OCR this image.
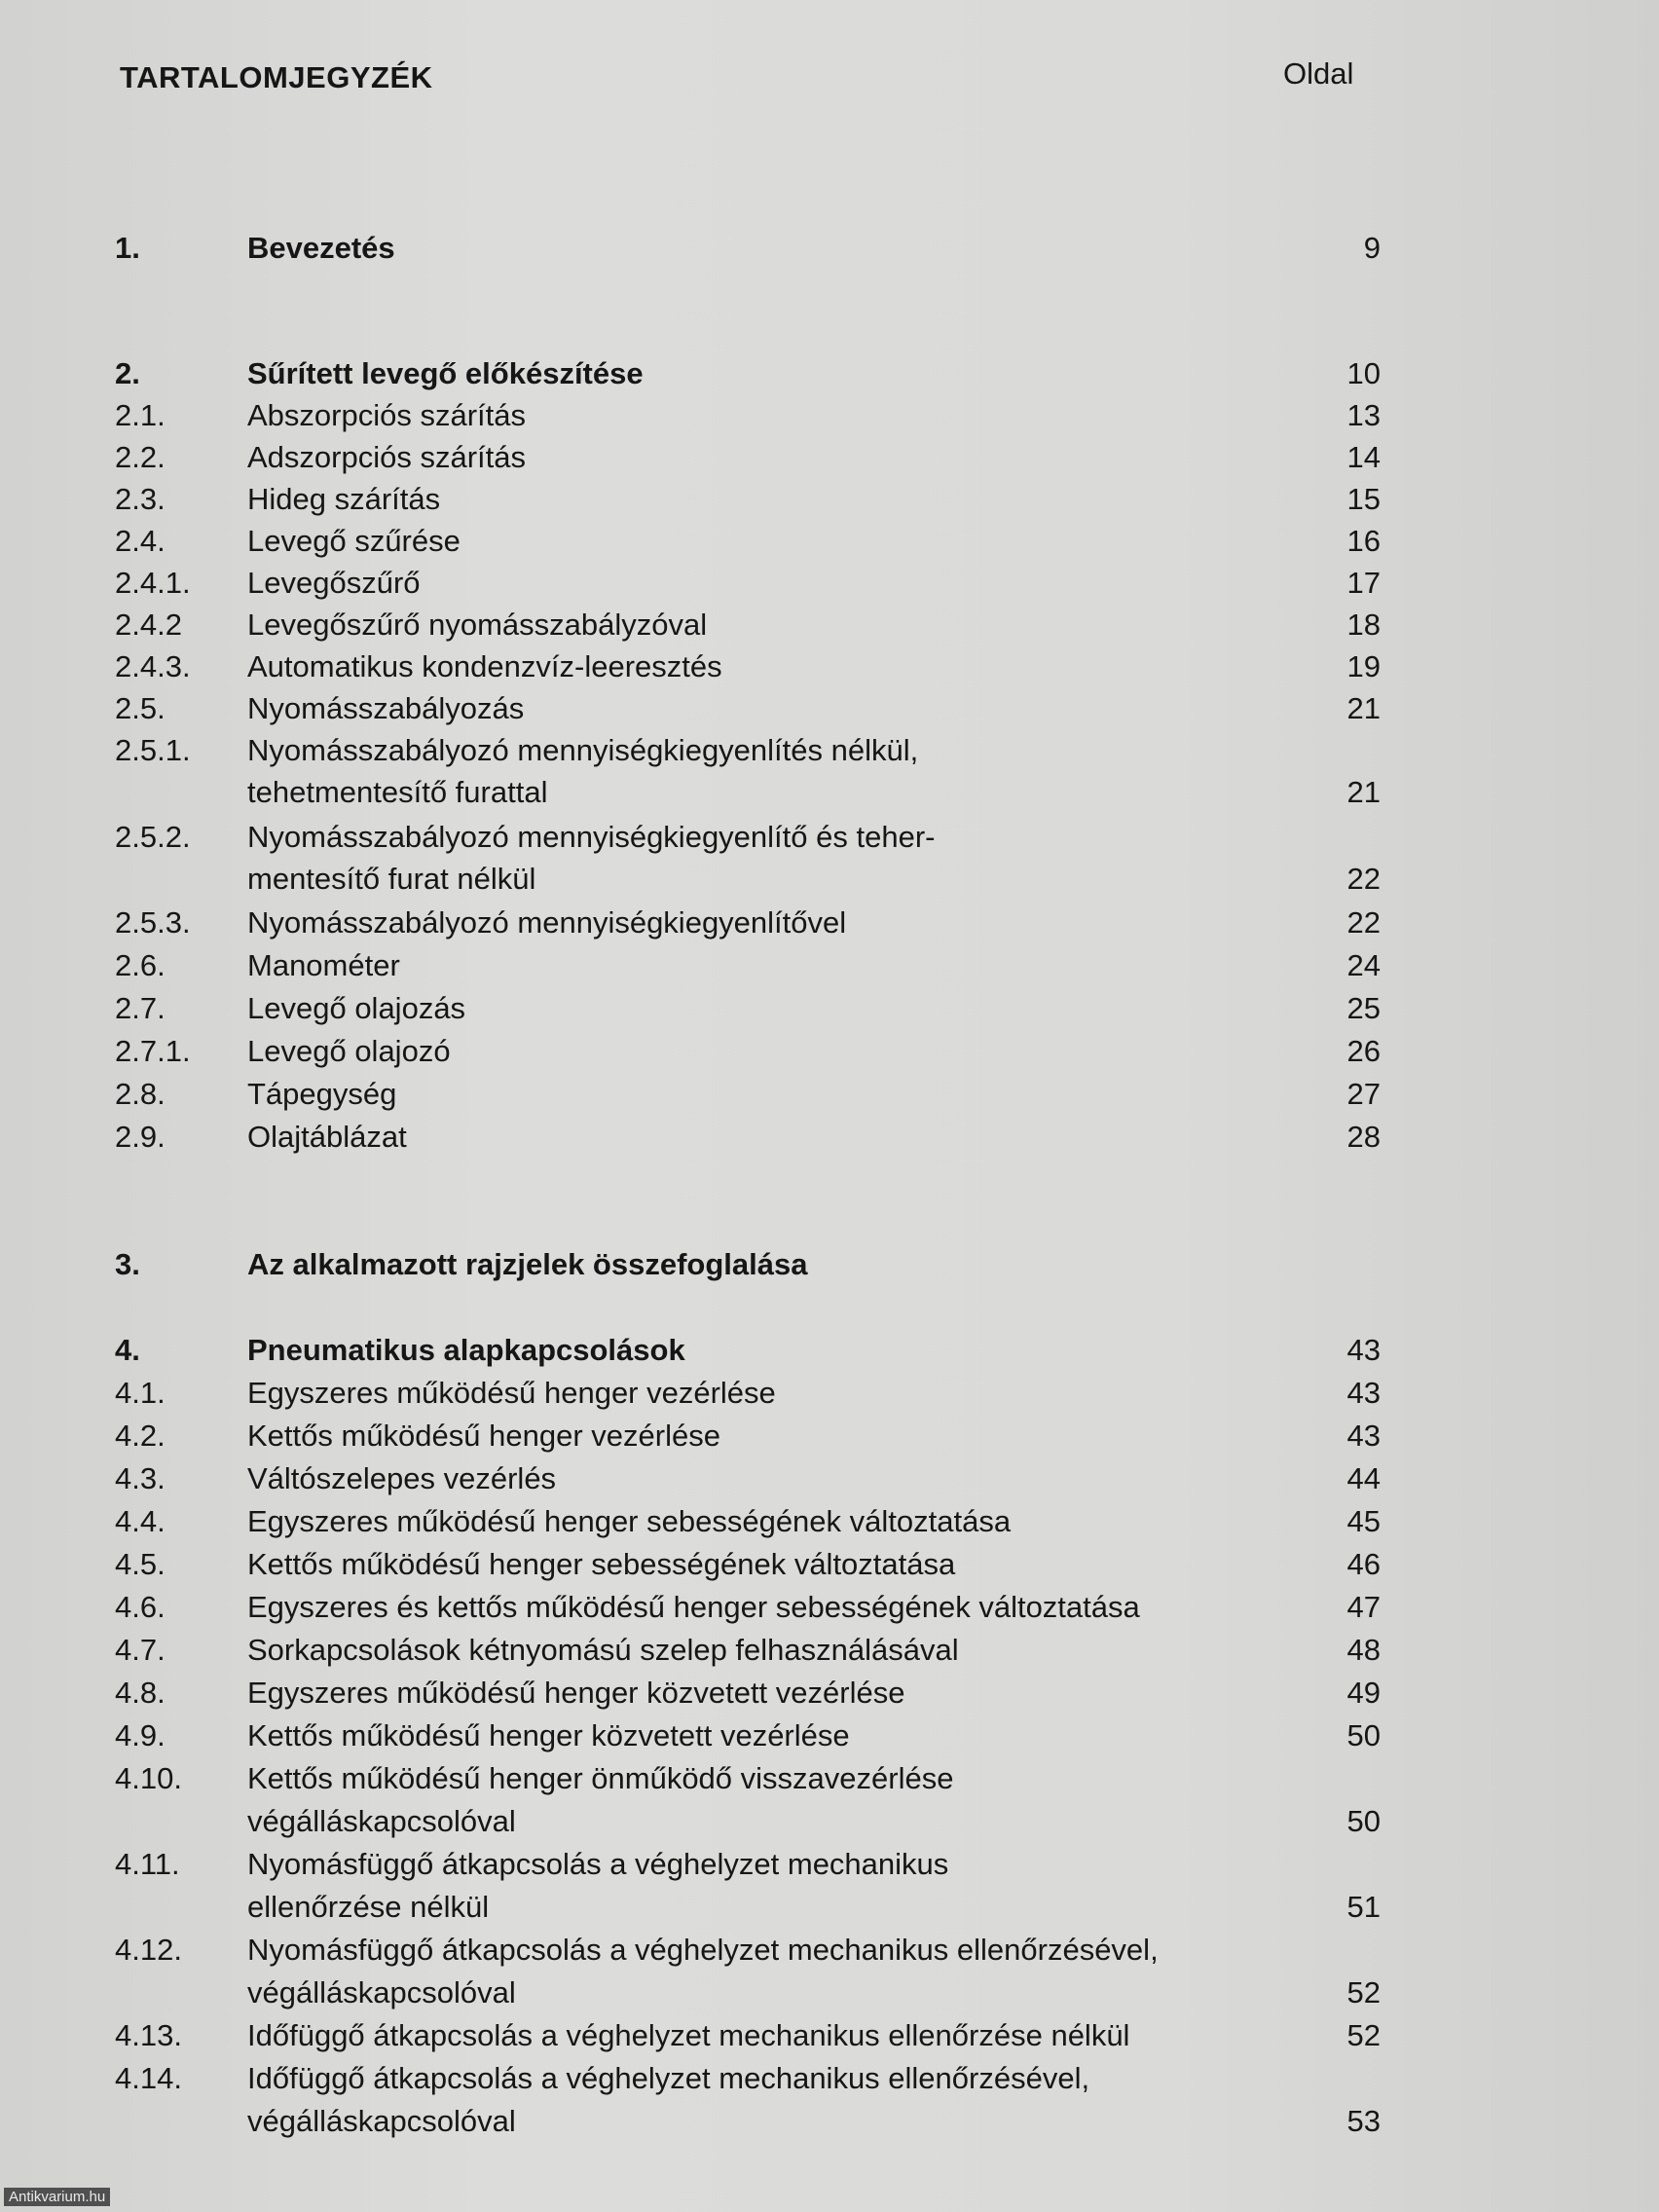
TARTALOMJEGYZÉK	Oldal
1.	Bevezetés	9
2.	Sűrített levegő előkészítése	10
2.1.	Abszorpciós szárítás	13
2.2.	Adszorpciós szárítás	14
2.3.	Hideg szárítás	15
2.4.	Levegő szűrése	16
2.4.1. Levegőszűrő	17
2.4.2 Levegőszűrő nyomásszabályzóval	18
2.4.3. Automatikus kondenzvíz-leeresztés	19
2.5.	Nyomásszabályozás	21
2.5.1. Nyomásszabályozó mennyiségkiegyenlítés nélkül,
tehetmentesítő furattal	21
2.5.2. Nyomásszabályozó mennyiségkiegyenlítő és teher-
mentesítő furat nélkül	22
2.5.3. Nyomásszabályozó mennyiségkiegyenlítővel	22
2.6.	Manométer	24
2.7.	Levegő olajozás	25
2.7.1. Levegő olajozó	26
2.8.	Tápegység	27
2.9.	Olajtáblázat	28
3.	Az alkalmazott rajzjelek összefoglalása
4.	Pneumatikus alapkapcsolások	43
4.1.	Egyszeres működésű henger vezérlése	43
4.2.	Kettős működésű henger vezérlése	43
4.3.	Váltószelepes vezérlés	44
4.4.	Egyszeres működésű henger sebességének változtatása	45
4.5.	Kettős működésű henger sebességének változtatása	46
4.6.	Egyszeres és kettős működésű henger sebességének változtatása	47
4.7.	Sorkapcsolások kétnyomású szelep felhasználásával	48
4.8.	Egyszeres működésű henger közvetett vezérlése	49
4.9.	Kettős működésű henger közvetett vezérlése	50
4.10. Kettős működésű henger önműködő visszavezérlése
végálláskapcsolóval	50
4.11. Nyomásfüggő átkapcsolás a véghelyzet mechanikus
ellenőrzése nélkül	51
4.12. Nyomásfüggő átkapcsolás a véghelyzet mechanikus ellenőrzésével,
végálláskapcsolóval	52
4.13. Időfüggő átkapcsolás a véghelyzet mechanikus ellenőrzése nélkül	52
4.14. Időfüggő átkapcsolás a véghelyzet mechanikus ellenőrzésével,
végálláskapcsolóval	53
Antikvarium.hu
